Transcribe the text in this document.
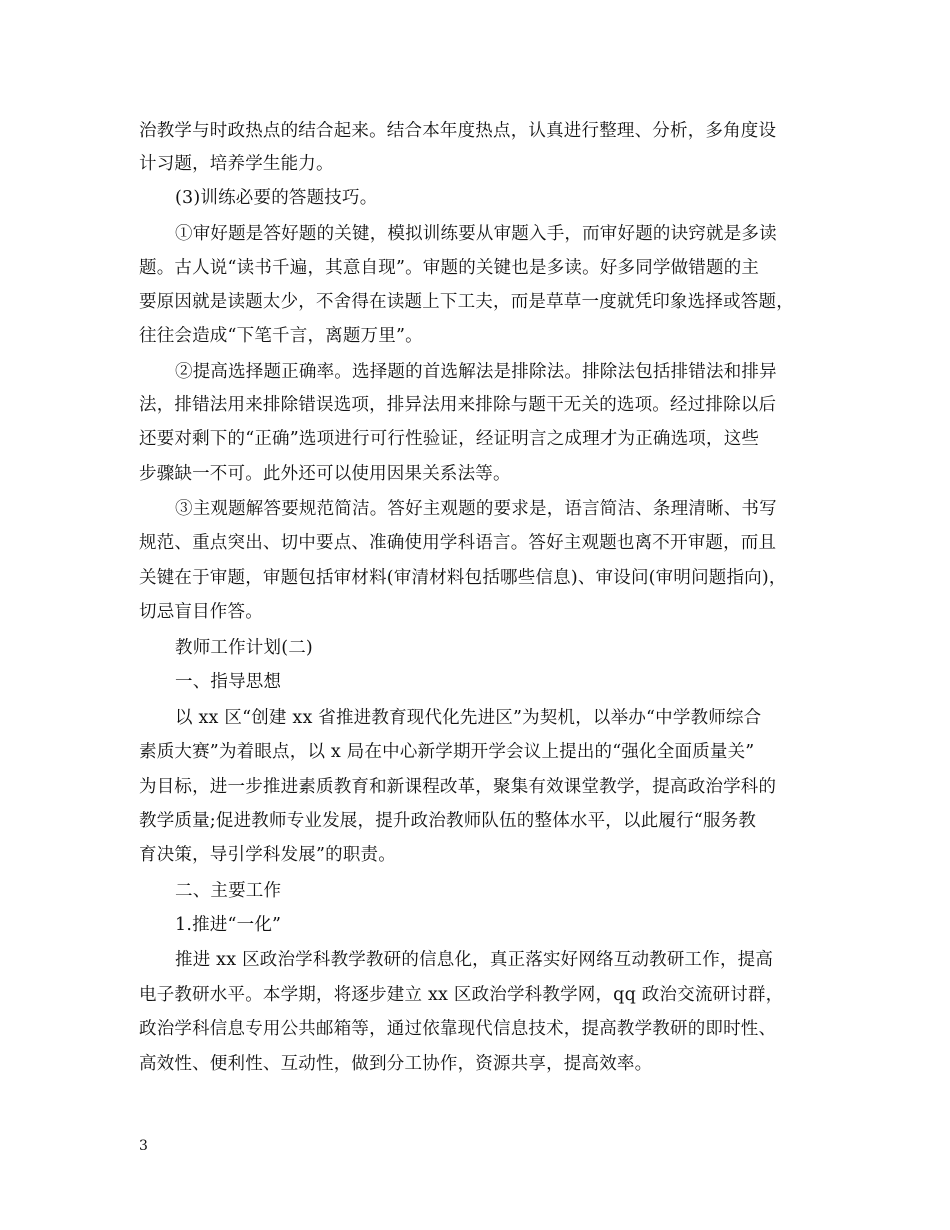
治教学与时政热点的结合起来。结合本年度热点，认真进行整理、分析，多角度设
计习题，培养学生能力。
(3)训练必要的答题技巧。
①审好题是答好题的关键，模拟训练要从审题入手，而审好题的诀窍就是多读
题。古人说“读书千遍，其意自现”。审题的关键也是多读。好多同学做错题的主
要原因就是读题太少，不舍得在读题上下工夫，而是草草一度就凭印象选择或答题，
往往会造成“下笔千言，离题万里”。
②提高选择题正确率。选择题的首选解法是排除法。排除法包括排错法和排异
法，排错法用来排除错误选项，排异法用来排除与题干无关的选项。经过排除以后
还要对剩下的“正确”选项进行可行性验证，经证明言之成理才为正确选项，这些
步骤缺一不可。此外还可以使用因果关系法等。
③主观题解答要规范简洁。答好主观题的要求是，语言简洁、条理清晰、书写
规范、重点突出、切中要点、准确使用学科语言。答好主观题也离不开审题，而且
关键在于审题，审题包括审材料(审清材料包括哪些信息)、审设问(审明问题指向)，
切忌盲目作答。
教师工作计划(二)
一、指导思想
以 xx 区“创建 xx 省推进教育现代化先进区”为契机，以举办“中学教师综合
素质大赛”为着眼点，以 x 局在中心新学期开学会议上提出的“强化全面质量关”
为目标，进一步推进素质教育和新课程改革，聚集有效课堂教学，提高政治学科的
教学质量;促进教师专业发展，提升政治教师队伍的整体水平，以此履行“服务教
育决策，导引学科发展”的职责。
二、主要工作
1.推进“一化”
推进 xx 区政治学科教学教研的信息化，真正落实好网络互动教研工作，提高
电子教研水平。本学期，将逐步建立 xx 区政治学科教学网，qq 政治交流研讨群，
政治学科信息专用公共邮箱等，通过依靠现代信息技术，提高教学教研的即时性、
高效性、便利性、互动性，做到分工协作，资源共享，提高效率。
3
